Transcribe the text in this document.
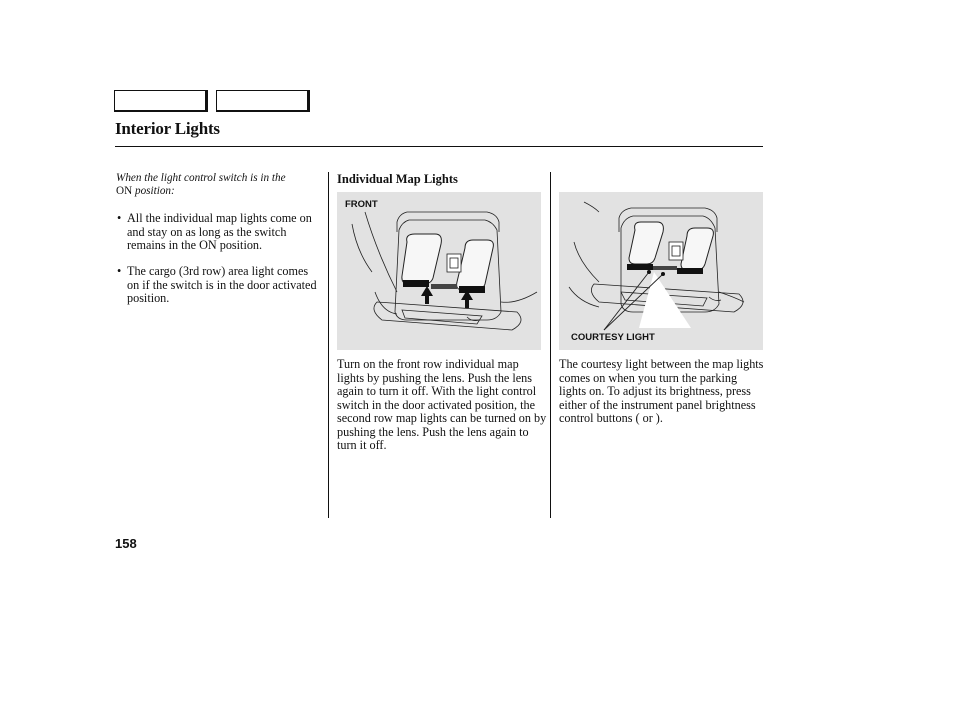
Interior Lights
When the light control switch is in the
ON position:
• All the individual map lights come on and stay on as long as the switch remains in the ON position.
• The cargo (3rd row) area light comes on if the switch is in the door activated position.
Individual Map Lights
FRONT
Turn on the front row individual map lights by pushing the lens. Push the lens again to turn it off. With the light control switch in the door activated position, the second row map lights can be turned on by pushing the lens. Push the lens again to turn it off.
COURTESY LIGHT
The courtesy light between the map lights comes on when you turn the parking lights on. To adjust its brightness, press either of the instrument panel brightness control buttons ( or ).
158
